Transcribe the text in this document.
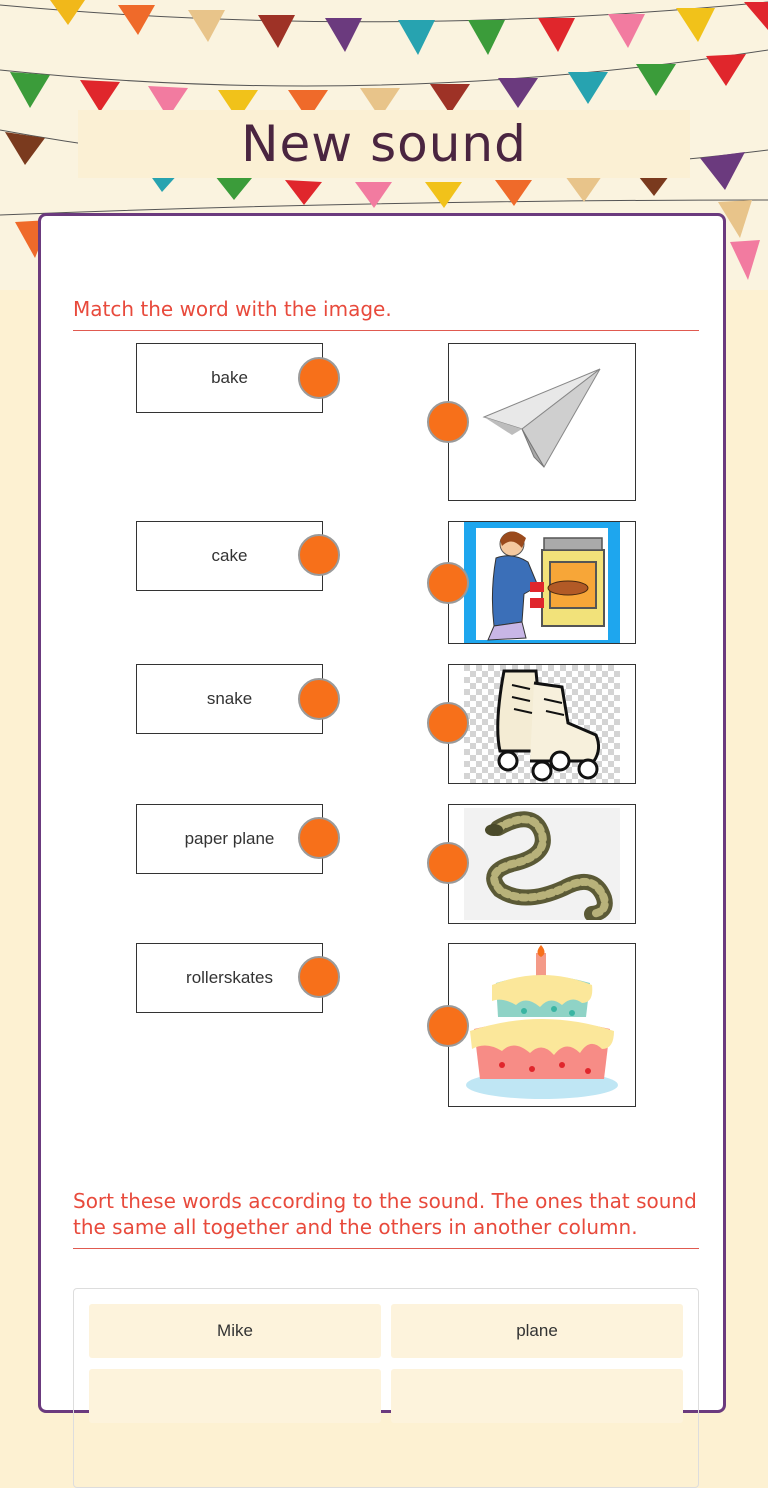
New sound
Match the word with the image.
bake
cake
snake
paper plane
rollerskates
Sort these words according to the sound. The ones that sound the same all together and the others in another column.
Mike	plane
